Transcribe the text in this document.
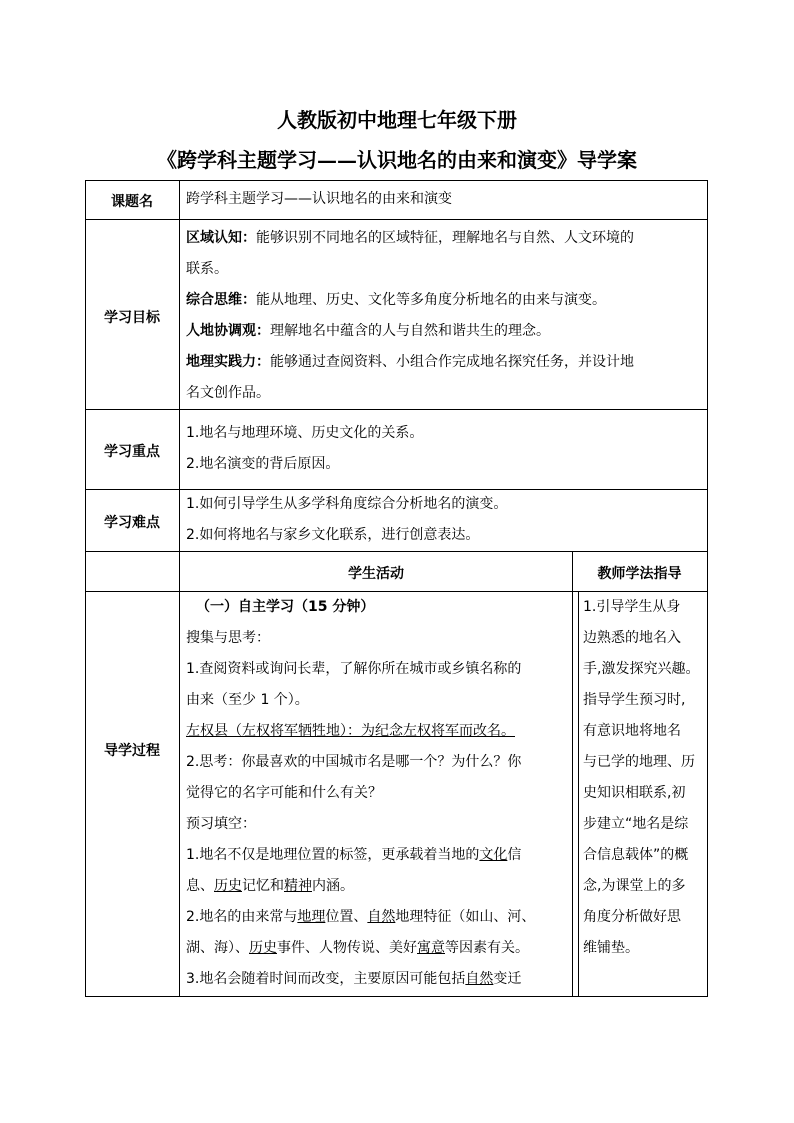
人教版初中地理七年级下册
《跨学科主题学习——认识地名的由来和演变》导学案
课题名	跨学科主题学习——认识地名的由来和演变
学习目标

区域认知：能够识别不同地名的区域特征，理解地名与自然、人文环境的

联系。

综合思维：能从地理、历史、文化等多角度分析地名的由来与演变。

人地协调观：理解地名中蕴含的人与自然和谐共生的理念。

地理实践力：能够通过查阅资料、小组合作完成地名探究任务，并设计地

名文创作品。

学习重点

1.地名与地理环境、历史文化的关系。

2.地名演变的背后原因。

学习难点

1.如何引导学生从多学科角度综合分析地名的演变。

2.如何将地名与家乡文化联系，进行创意表达。

学生活动	教师学法指导
导学过程

（一）自主学习（15 分钟）

搜集与思考：

1.查阅资料或询问长辈，了解你所在城市或乡镇名称的

由来（至少 1 个）。

左权县（左权将军牺牲地）：为纪念左权将军而改名。

2.思考：你最喜欢的中国城市名是哪一个？为什么？你

觉得它的名字可能和什么有关？

预习填空：

1.地名不仅是地理位置的标签，更承载着当地的文化信

息、历史记忆和精神内涵。

2.地名的由来常与地理位置、自然地理特征（如山、河、

湖、海）、历史事件、人物传说、美好寓意等因素有关。

3.地名会随着时间而改变，主要原因可能包括自然变迁

1.引导学生从身

边熟悉的地名入

手,激发探究兴趣。

指导学生预习时,

有意识地将地名

与已学的地理、历

史知识相联系,初

步建立“地名是综

合信息载体”的概

念,为课堂上的多

角度分析做好思

维铺垫。
